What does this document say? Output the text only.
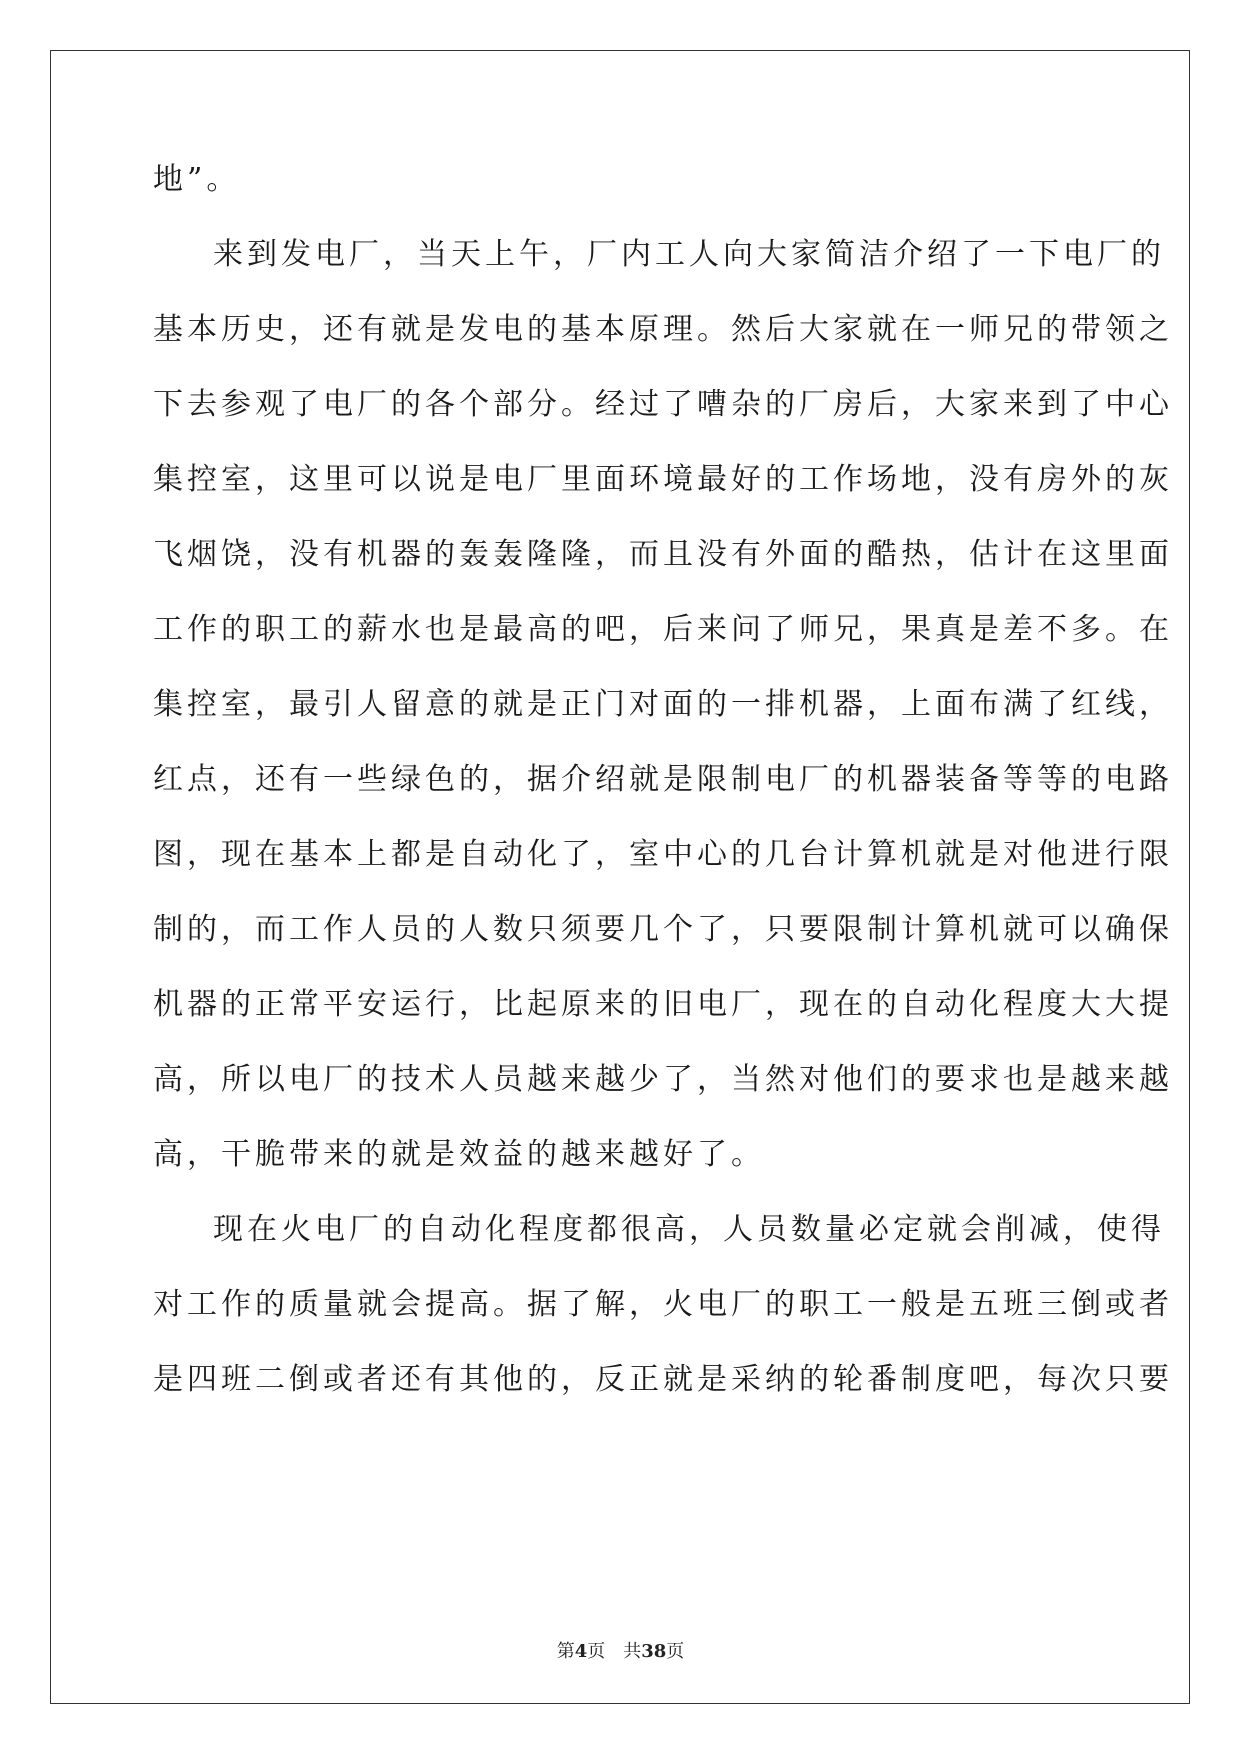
地”。
来到发电厂，当天上午，厂内工人向大家简洁介绍了一下电厂的
基本历史，还有就是发电的基本原理。然后大家就在一师兄的带领之
下去参观了电厂的各个部分。经过了嘈杂的厂房后，大家来到了中心
集控室，这里可以说是电厂里面环境最好的工作场地，没有房外的灰
飞烟饶，没有机器的轰轰隆隆，而且没有外面的酷热，估计在这里面
工作的职工的薪水也是最高的吧，后来问了师兄，果真是差不多。在
集控室，最引人留意的就是正门对面的一排机器，上面布满了红线，
红点，还有一些绿色的，据介绍就是限制电厂的机器装备等等的电路
图，现在基本上都是自动化了，室中心的几台计算机就是对他进行限
制的，而工作人员的人数只须要几个了，只要限制计算机就可以确保
机器的正常平安运行，比起原来的旧电厂，现在的自动化程度大大提
高，所以电厂的技术人员越来越少了，当然对他们的要求也是越来越
高，干脆带来的就是效益的越来越好了。
现在火电厂的自动化程度都很高，人员数量必定就会削减，使得
对工作的质量就会提高。据了解，火电厂的职工一般是五班三倒或者
是四班二倒或者还有其他的，反正就是采纳的轮番制度吧，每次只要
第4页 共38页
